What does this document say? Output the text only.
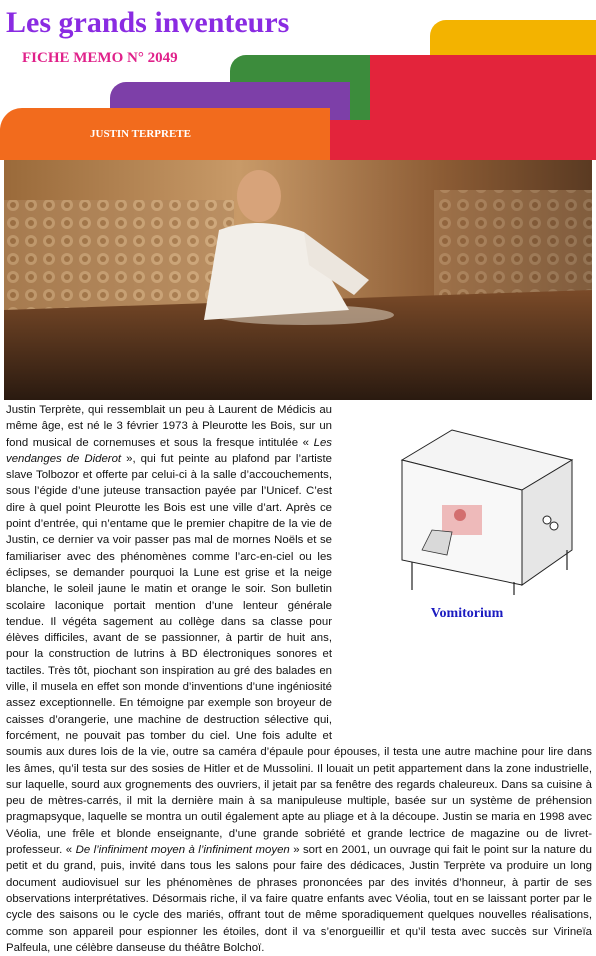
Les grands inventeurs
FICHE MEMO N° 2049
JUSTIN TERPRETE
Vomitorium
Justin Terprète, qui ressemblait un peu à Laurent de Médicis au même âge, est né le 3 février 1973 à Pleurotte les Bois, sur un fond musical de cornemuses et sous la fresque intitulée « Les vendanges de Diderot », qui fut peinte au plafond par l’artiste slave Tolbozor et offerte par celui-ci à la salle d’accouchements, sous l’égide d’une juteuse transaction payée par l’Unicef. C’est dire à quel point Pleurotte les Bois est une ville d’art. Après ce point d’entrée, qui n’entame que le premier chapitre de la vie de Justin, ce dernier va voir passer pas mal de mornes Noëls et se familiariser avec des phénomènes comme l’arc-en-ciel ou les éclipses, se demander pourquoi la Lune est grise et la neige blanche, le soleil jaune le matin et orange le soir. Son bulletin scolaire laconique portait mention d’une lenteur générale tendue. Il végéta sagement au collège dans sa classe pour élèves difficiles, avant de se passionner, à partir de huit ans, pour la construction de lutrins à BD électroniques sonores et tactiles. Très tôt, piochant son inspiration au gré des balades en ville, il musela en effet son monde d’inventions d’une ingéniosité assez exceptionnelle. En témoigne par exemple son broyeur de caisses d’orangerie, une machine de destruction sélective qui, forcément, ne pouvait pas tomber du ciel. Une fois adulte et soumis aux dures lois de la vie, outre sa caméra d’épaule pour épouses, il testa une autre machine pour lire dans les âmes, qu’il testa sur des sosies de Hitler et de Mussolini. Il louait un petit appartement dans la zone industrielle, sur laquelle, sourd aux grognements des ouvriers, il jetait par sa fenêtre des regards chaleureux. Dans sa cuisine à peu de mètres-carrés, il mit la dernière main à sa manipuleuse multiple, basée sur un système de préhension pragmapsyque, laquelle se montra un outil également apte au pliage et à la découpe. Justin se maria en 1998 avec Véolia, une frêle et blonde enseignante, d’une grande sobriété et grande lectrice de magazine ou de livret-professeur. « De l’infiniment moyen à l’infiniment moyen » sort en 2001, un ouvrage qui fait le point sur la nature du petit et du grand, puis, invité dans tous les salons pour faire des dédicaces, Justin Terprète va produire un long document audiovisuel sur les phénomènes de phrases prononcées par des invités d’honneur, à partir de ses observations interprétatives. Désormais riche, il va faire quatre enfants avec Véolia, tout en se laissant porter par le cycle des saisons ou le cycle des mariés, offrant tout de même sporadiquement quelques nouvelles réalisations, comme son appareil pour espionner les étoiles, dont il va s’enorgueillir et qu’il testa avec succès sur Virineïa Palfeula, une célèbre danseuse du théâtre Bolchoï.
